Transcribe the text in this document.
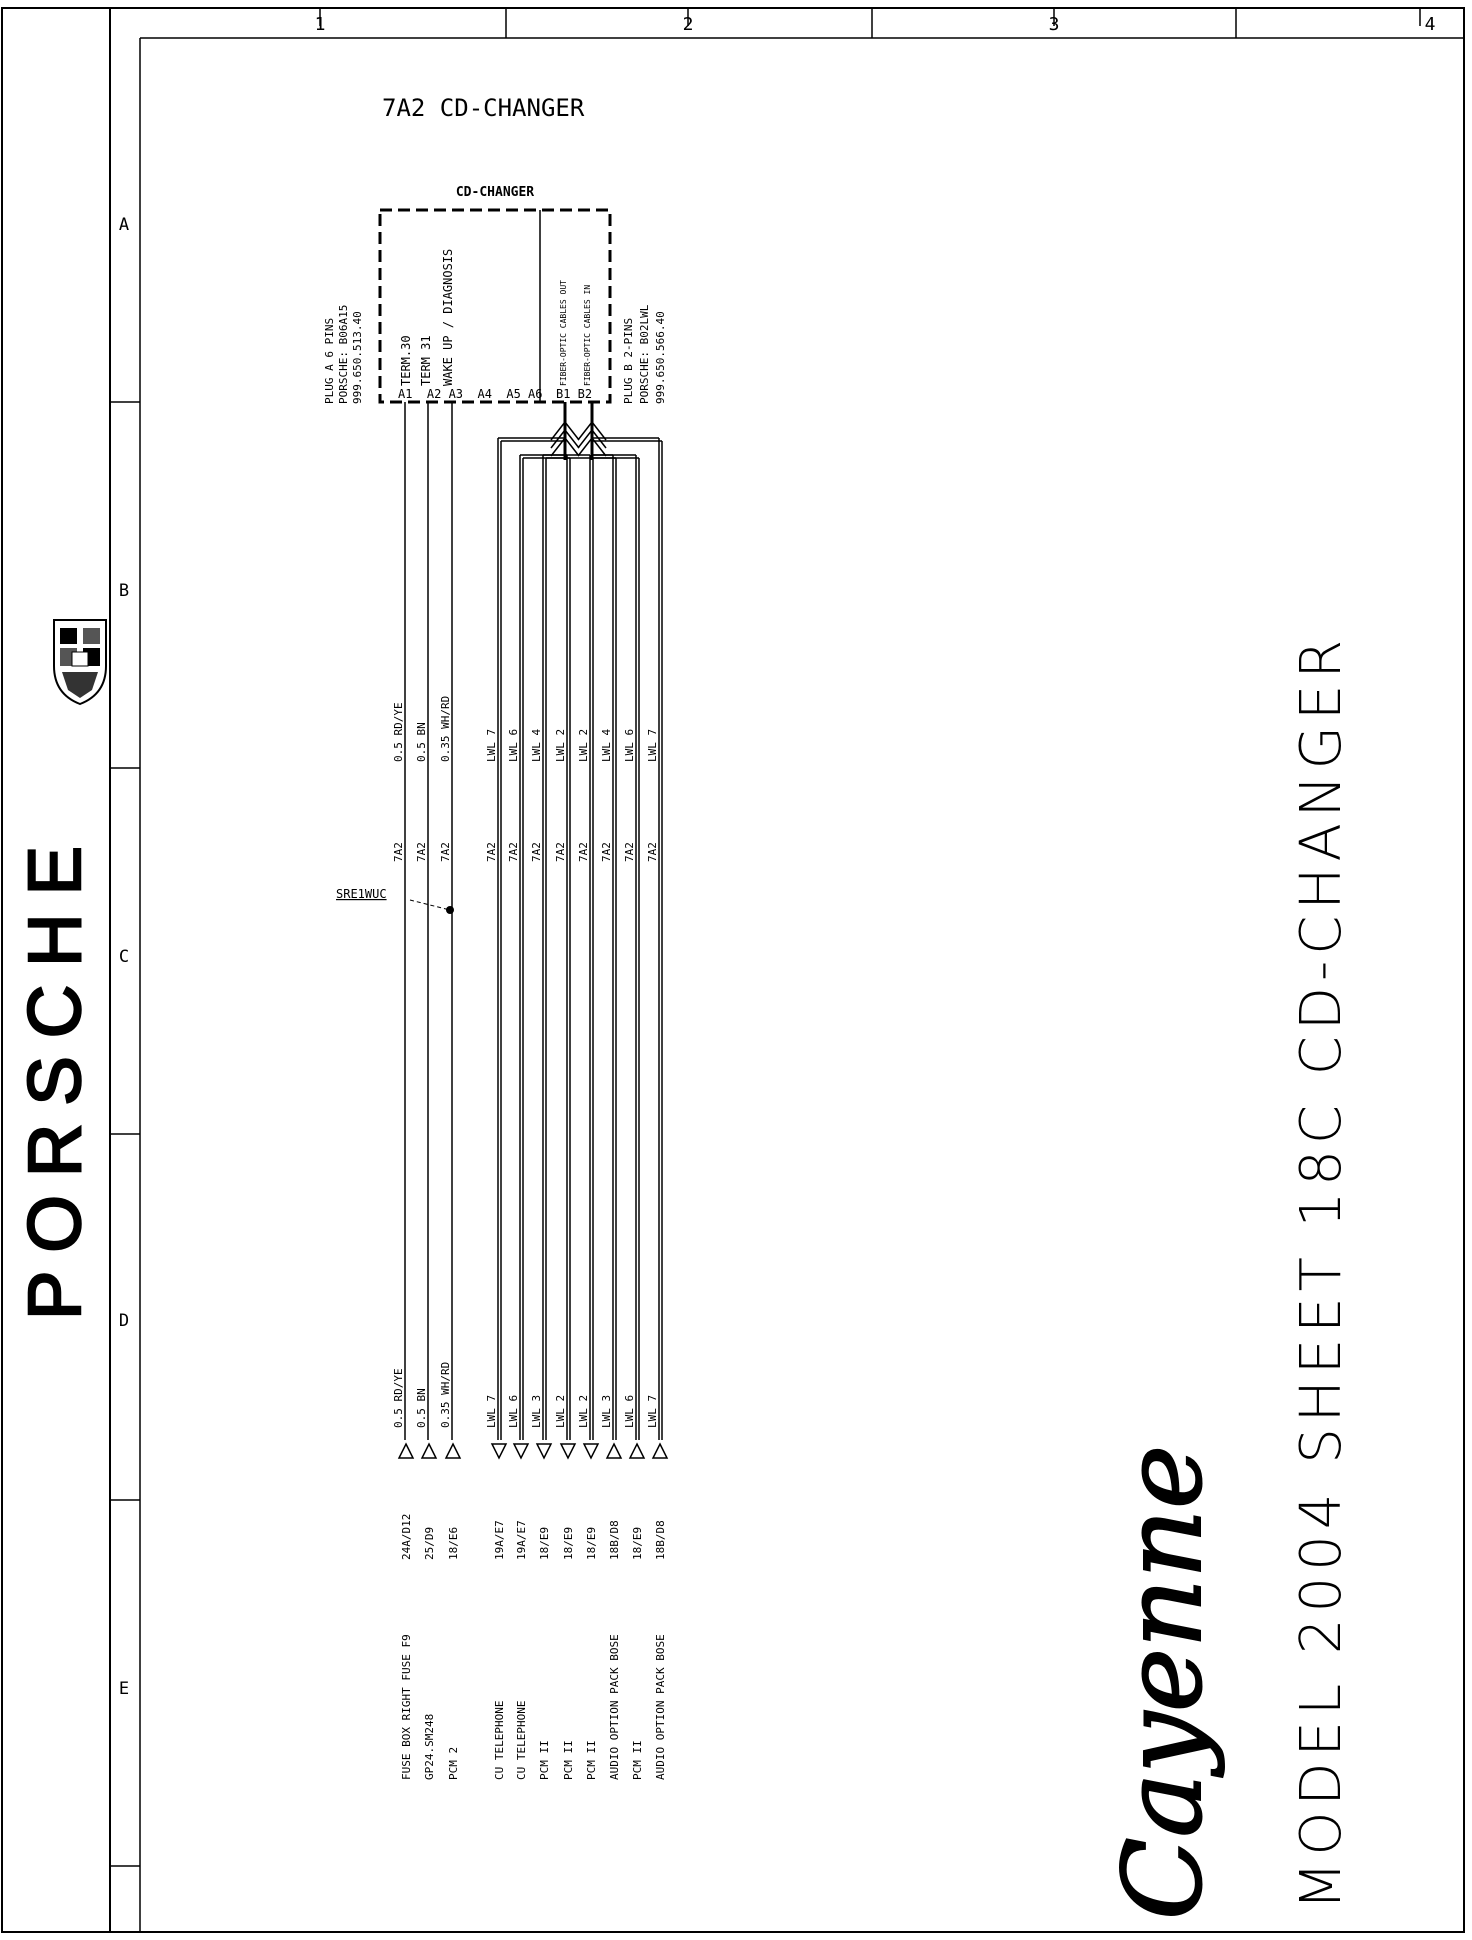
1	2	3	4
A
B
C
D
E
PORSCHE
7A2 CD-CHANGER
CD-CHANGER
PLUG A 6 PINS PORSCHE: B06A15 999.650.513.40	TERM.30 TERM 31 WAKE UP / DIAGNOSIS
A1  A2 A3  A4  A5 A6
FIBER-OPTIC CABLES OUT FIBER-OPTIC CABLES IN
B1 B2	PLUG B 2-PINS PORSCHE: B02LWL 999.650.566.40
7A2
0.5 RD/YE
0.5 RD/YE
24A/D12
FUSE BOX RIGHT FUSE F9
7A2
0.5 BN
0.5 BN
25/D9
GP24.SM248
7A2
0.35 WH/RD
0.35 WH/RD
18/E6
PCM 2
7A2
LWL 7
LWL 7
19A/E7
CU TELEPHONE
7A2
LWL 6
LWL 6
19A/E7
CU TELEPHONE
7A2
LWL 4
LWL 3
18/E9
PCM II
7A2
LWL 2
LWL 2
18/E9
PCM II
7A2
LWL 2
LWL 2
18/E9
PCM II
7A2
LWL 4
LWL 3
18B/D8
AUDIO OPTION PACK BOSE
7A2
LWL 6
LWL 6
18/E9
PCM II
7A2
LWL 7
LWL 7
18B/D8
AUDIO OPTION PACK BOSE
SRE1WUC
Cayenne MODEL 2004 SHEET 18C CD-CHANGER
